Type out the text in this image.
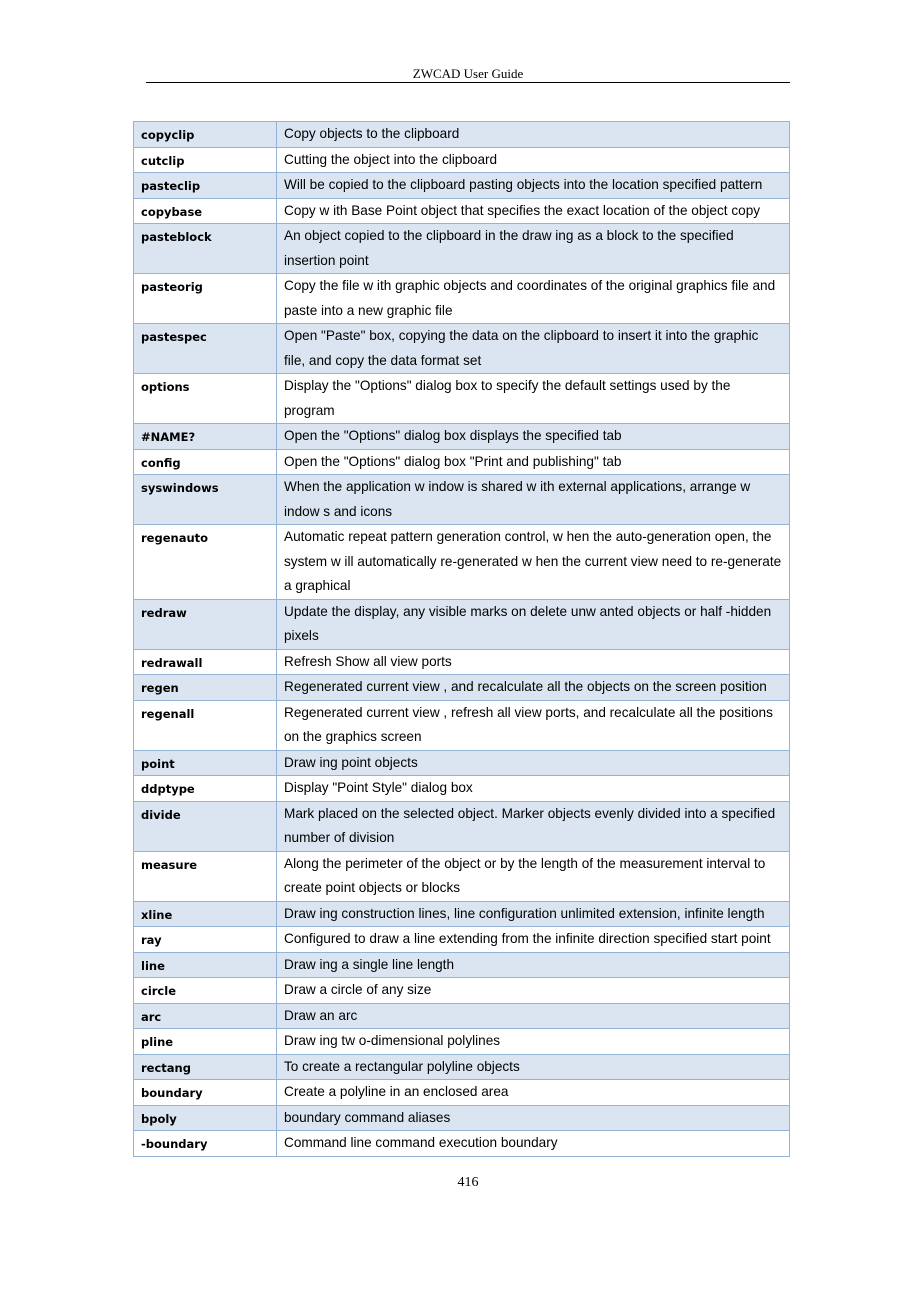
ZWCAD User Guide
copyclip	Copy objects to the clipboard
cutclip	Cutting the object into the clipboard
pasteclip	Will be copied to the clipboard pasting objects into the location specified pattern
copybase	Copy w ith Base Point object that specifies the exact location of the object copy
pasteblock	An object copied to the clipboard in the draw ing as a block to the specified insertion point
pasteorig	Copy the file w ith graphic objects and coordinates of the original graphics file and paste into a new graphic file
pastespec	Open "Paste" box, copying the data on the clipboard to insert it into the graphic file, and copy the data format set
options	Display the "Options" dialog box to specify the default settings used by the program
#NAME?	Open the "Options" dialog box displays the specified tab
config	Open the "Options" dialog box "Print and publishing" tab
syswindows	When the application w indow is shared w ith external applications, arrange w indow s and icons
regenauto	Automatic repeat pattern generation control, w hen the auto-generation open, the system w ill automatically re-generated w hen the current view need to re-generate a graphical
redraw	Update the display, any visible marks on delete unw anted objects or half -hidden pixels
redrawall	Refresh Show all view ports
regen	Regenerated current view , and recalculate all the objects on the screen position
regenall	Regenerated current view , refresh all view ports, and recalculate all the positions on the graphics screen
point	Draw ing point objects
ddptype	Display "Point Style" dialog box
divide	Mark placed on the selected object. Marker objects evenly divided into a specified number of division
measure	Along the perimeter of the object or by the length of the measurement interval to create point objects or blocks
xline	Draw ing construction lines, line configuration unlimited extension, infinite length
ray	Configured to draw a line extending from the infinite direction specified start point
line	Draw ing a single line length
circle	Draw a circle of any size
arc	Draw an arc
pline	Draw ing tw o-dimensional polylines
rectang	To create a rectangular polyline objects
boundary	Create a polyline in an enclosed area
bpoly	boundary command aliases
-boundary	Command line command execution boundary
416
